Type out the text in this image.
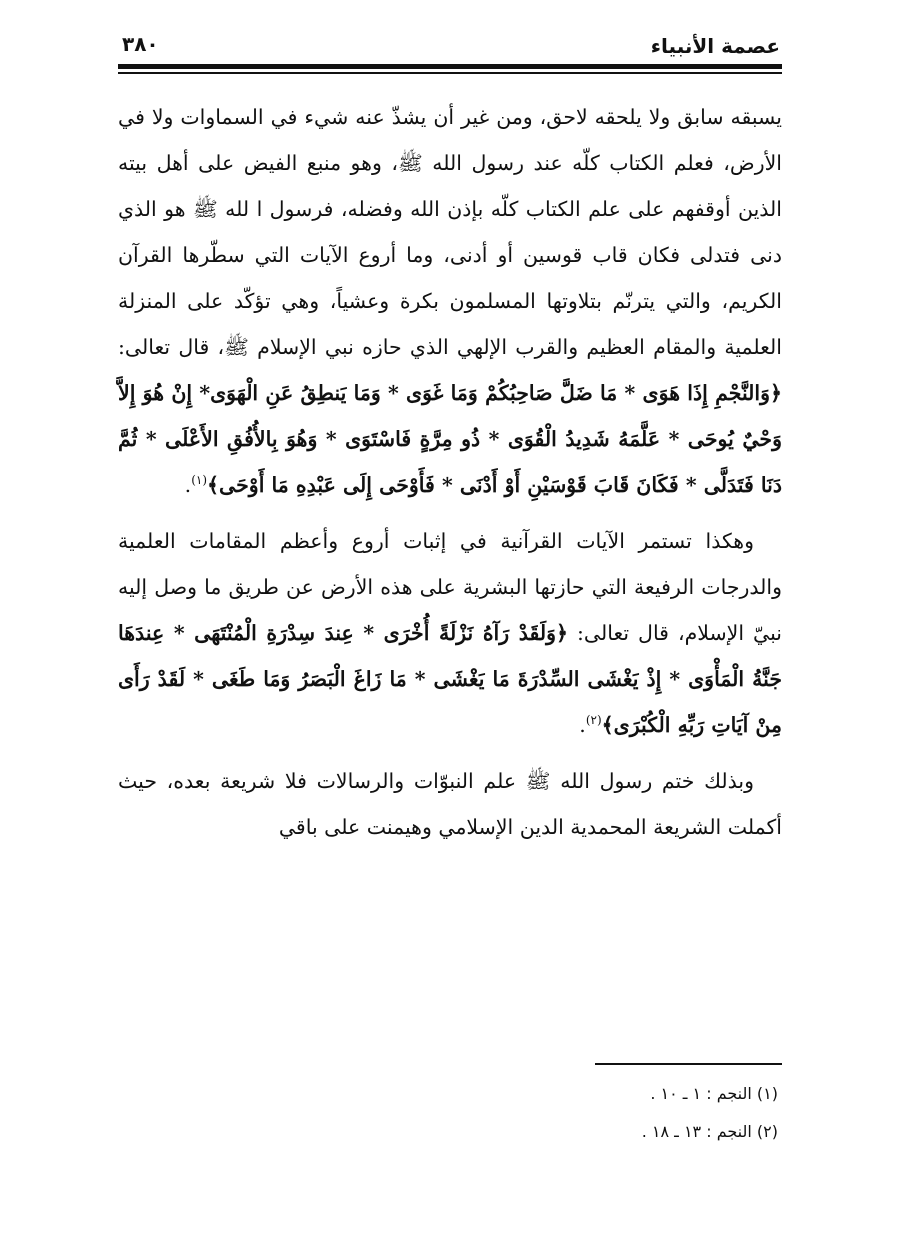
عصمة الأنبياء
٣٨٠

يسبقه سابق ولا يلحقه لاحق، ومن غير أن يشذّ عنه شيء في السماوات ولا في الأرض، فعلم الكتاب كلّه عند رسول الله ﷺ، وهو منبع الفيض على أهل بيته الذين أوقفهم على علم الكتاب كلّه بإذن الله وفضله، فرسول ا لله ﷺ هو الذي دنى فتدلى فكان قاب قوسين أو أدنى، وما أروع الآيات التي سطّرها القرآن الكريم، والتي يترنّم بتلاوتها المسلمون بكرة وعشياً، وهي تؤكّد على المنزلة العلمية والمقام العظيم والقرب الإلهي الذي حازه نبي الإسلام ﷺ، قال تعالى: ﴿وَالنَّجْمِ إِذَا هَوَى * مَا ضَلَّ صَاحِبُكُمْ وَمَا غَوَى * وَمَا يَنطِقُ عَنِ الْهَوَى* إِنْ هُوَ إِلاَّ وَحْيٌ يُوحَى * عَلَّمَهُ شَدِيدُ الْقُوَى * ذُو مِرَّةٍ فَاسْتَوَى * وَهُوَ بِالأُفُقِ الأَعْلَى * ثُمَّ دَنَا فَتَدَلَّى * فَكَانَ قَابَ قَوْسَيْنِ أَوْ أَدْنَى * فَأَوْحَى إِلَى عَبْدِهِ مَا أَوْحَى﴾$^{(١)}$.

وهكذا تستمر الآيات القرآنية في إثبات أروع وأعظم المقامات العلمية والدرجات الرفيعة التي حازتها البشرية على هذه الأرض عن طريق ما وصل إليه نبيّ الإسلام، قال تعالى: ﴿وَلَقَدْ رَآهُ نَزْلَةً أُخْرَى * عِندَ سِدْرَةِ الْمُنْتَهَى * عِندَهَا جَنَّةُ الْمَأْوَى * إِذْ يَغْشَى السِّدْرَةَ مَا يَغْشَى * مَا زَاغَ الْبَصَرُ وَمَا طَغَى * لَقَدْ رَأَى مِنْ آيَاتِ رَبِّهِ الْكُبْرَى﴾$^{(٢)}$.

وبذلك ختم رسول الله ﷺ علم النبوّات والرسالات فلا شريعة بعده، حيث أكملت الشريعة المحمدية الدين الإسلامي وهيمنت على باقي

(١) النجم : ١ ـ ١٠ .
(٢) النجم : ١٣ ـ ١٨ .
